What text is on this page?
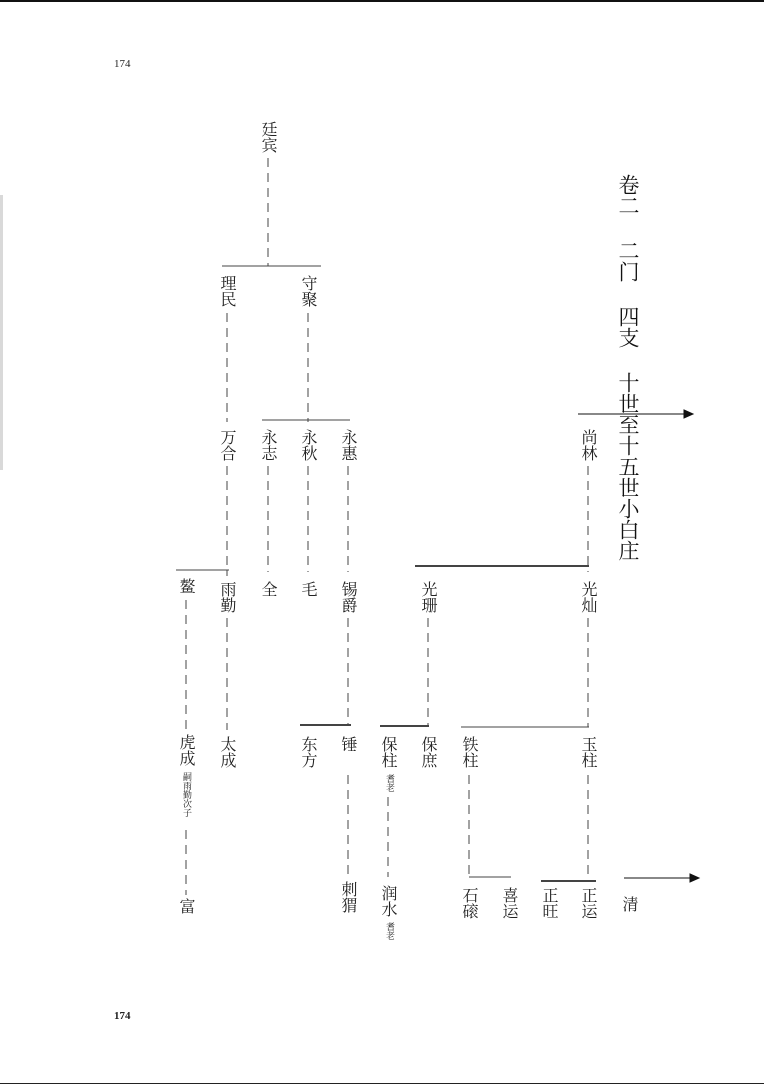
174
174
卷二 二门 四支 十世至十五世小白庄
廷宾
理民	守聚
尚林
万合 永志 永秋 永惠
光珊	光灿
鳌 雨勤 全 毛 锡爵
保庶
保柱
耆老
铁柱	玉柱
虎成
嗣雨勤次子
太成	东方 锤
富	刺猬 润水
耆老
石磙 喜运 正旺 正运 清
